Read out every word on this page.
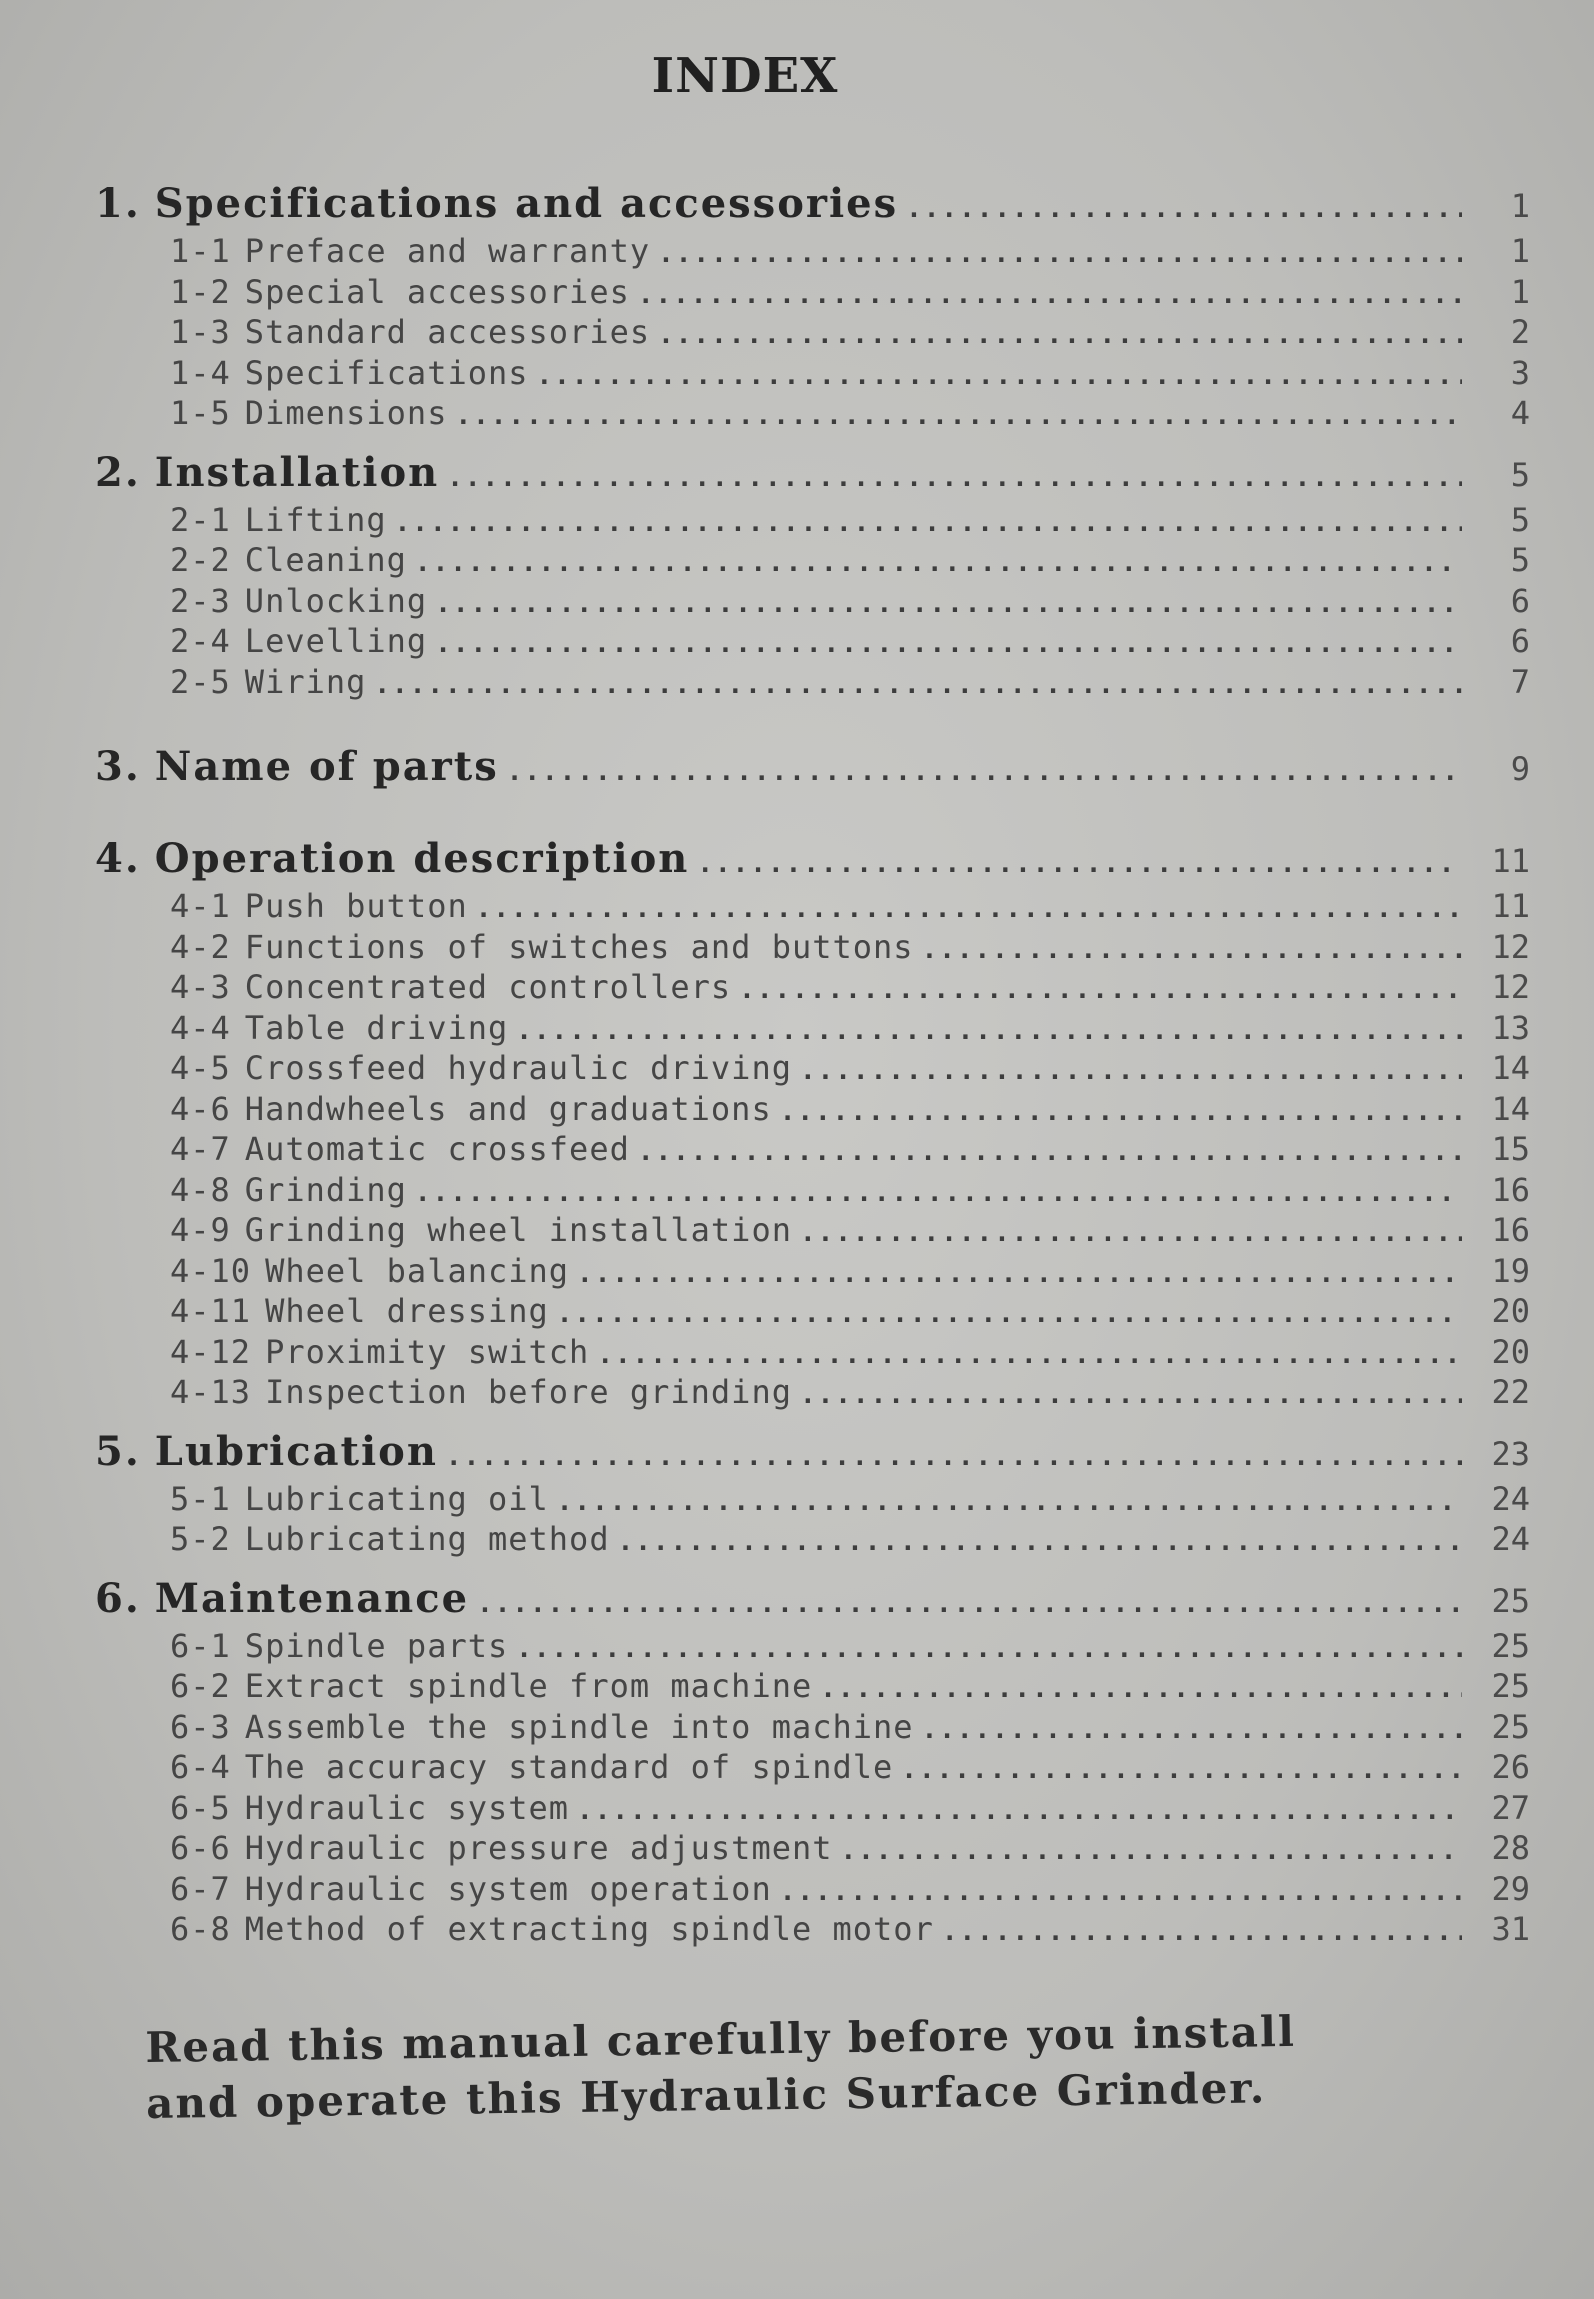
INDEX
1. Specifications and accessories .....	1
1-1 Preface and warranty .....	1
1-2 Special accessories .....	1
1-3 Standard accessories .....	2
1-4 Specifications .....	3
1-5 Dimensions .....	4
2. Installation .....	5
2-1 Lifting .....	5
2-2 Cleaning .....	5
2-3 Unlocking .....	6
2-4 Levelling .....	6
2-5 Wiring .....	7
3. Name of parts .....	9
4. Operation description .....	11
4-1 Push button .....	11
4-2 Functions of switches and buttons .....	12
4-3 Concentrated controllers .....	12
4-4 Table driving .....	13
4-5 Crossfeed hydraulic driving .....	14
4-6 Handwheels and graduations .....	14
4-7 Automatic crossfeed .....	15
4-8 Grinding .....	16
4-9 Grinding wheel installation .....	16
4-10 Wheel balancing .....	19
4-11 Wheel dressing .....	20
4-12 Proximity switch .....	20
4-13 Inspection before grinding .....	22
5. Lubrication .....	23
5-1 Lubricating oil .....	24
5-2 Lubricating method .....	24
6. Maintenance .....	25
6-1 Spindle parts .....	25
6-2 Extract spindle from machine .....	25
6-3 Assemble the spindle into machine .....	25
6-4 The accuracy standard of spindle .....	26
6-5 Hydraulic system .....	27
6-6 Hydraulic pressure adjustment .....	28
6-7 Hydraulic system operation .....	29
6-8 Method of extracting spindle motor .....	31
Read this manual carefully before you install
and operate this Hydraulic Surface Grinder.
